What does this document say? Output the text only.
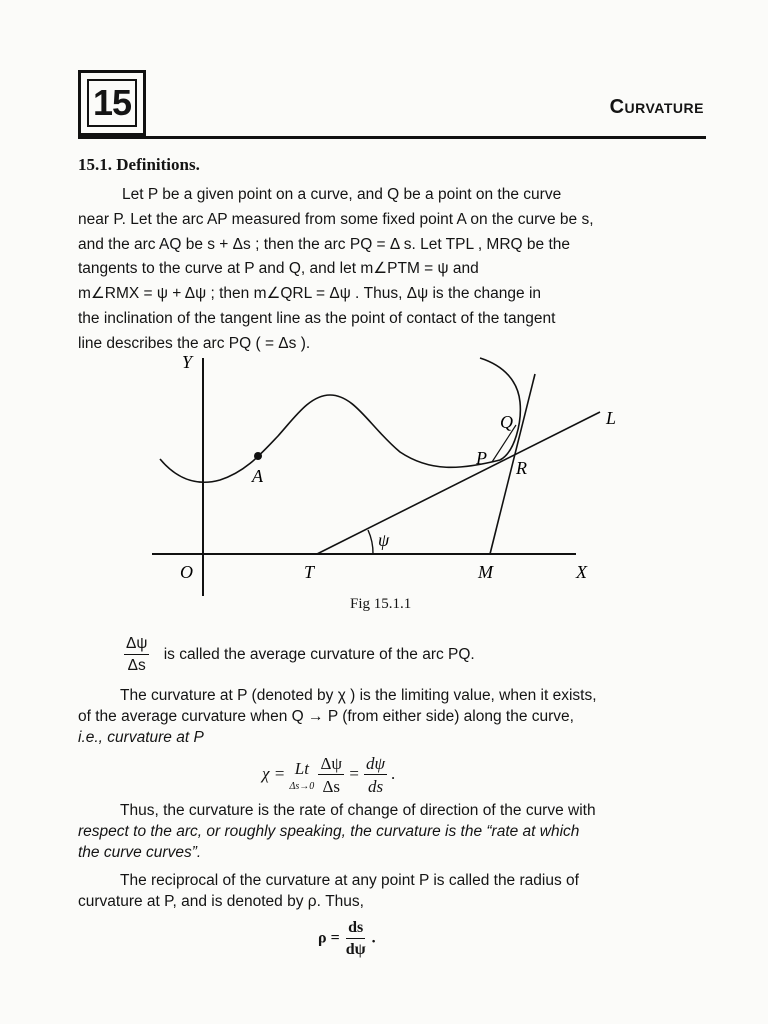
15	Curvature
15.1. Definitions.
Let P be a given point on a curve, and Q be a point on the curve
near P. Let the arc AP measured from some fixed point A on the curve be s,
and the arc AQ be s + Δs ; then the arc PQ = Δ s. Let TPL , MRQ be the
tangents to the curve at P and Q, and let m∠PTM = ψ and
m∠RMX = ψ + Δψ ; then m∠QRL = Δψ . Thus, Δψ is the change in
the inclination of the tangent line as the point of contact of the tangent
line describes the arc PQ ( = Δs ).
Y
X
O
A
P
Q
R
L
T	M
ψ
Fig 15.1.1
$\frac{\Delta\psi}{\Delta s}$ is called the average curvature of the arc PQ.
The curvature at P (denoted by χ ) is the limiting value, when it exists,
of the average curvature when Q → P (from either side) along the curve,
i.e., curvature at P
χ = Lt
Δs→0
$\frac{\Delta\psi}{\Delta s} = \frac{d\psi}{ds}$ .
Thus, the curvature is the rate of change of direction of the curve with
respect to the arc, or roughly speaking, the curvature is the “rate at which
the curve curves”.
The reciprocal of the curvature at any point P is called the radius of
curvature at P, and is denoted by ρ. Thus,
$\rho = \frac{ds}{d\psi}$ .
